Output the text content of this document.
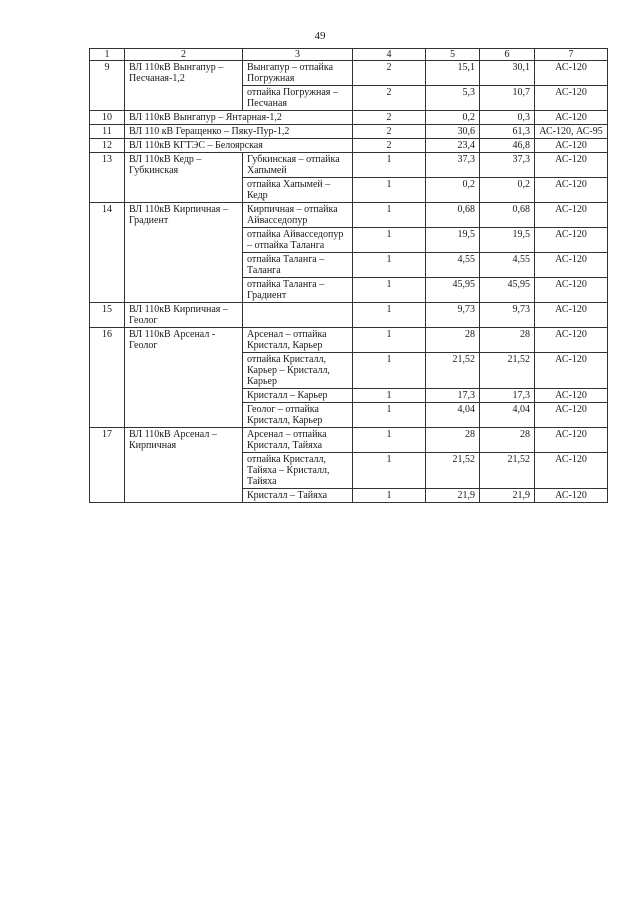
49
1	2	3	4	5	6	7
9	ВЛ 110кВ Вынгапур – Песчаная-1,2	Вынгапур – отпайка Погружная	2	15,1	30,1	АС-120
		отпайка Погружная – Песчаная	2	5,3	10,7	АС-120
10	ВЛ 110кВ Вынгапур – Янтарная-1,2		2	0,2	0,3	АС-120
11	ВЛ 110 кВ Геращенко – Пяку-Пур-1,2		2	30,6	61,3	АС-120, АС-95
12	ВЛ 110кВ КГТЭС – Белоярская		2	23,4	46,8	АС-120
13	ВЛ 110кВ Кедр – Губкинская	Губкинская – отпайка Хапымей	1	37,3	37,3	АС-120
		отпайка Хапымей – Кедр	1	0,2	0,2	АС-120
14	ВЛ 110кВ Кирпичная – Градиент	Кирпичная – отпайка Айвасседопур	1	0,68	0,68	АС-120
		отпайка Айвасседопур – отпайка Таланга	1	19,5	19,5	АС-120
		отпайка Таланга – Таланга	1	4,55	4,55	АС-120
		отпайка Таланга – Градиент	1	45,95	45,95	АС-120
15	ВЛ 110кВ Кирпичная – Геолог		1	9,73	9,73	АС-120
16	ВЛ 110кВ Арсенал - Геолог	Арсенал – отпайка Кристалл, Карьер	1	28	28	АС-120
		отпайка Кристалл, Карьер – Кристалл, Карьер	1	21,52	21,52	АС-120
		Кристалл – Карьер	1	17,3	17,3	АС-120
		Геолог – отпайка Кристалл, Карьер	1	4,04	4,04	АС-120
17	ВЛ 110кВ Арсенал – Кирпичная	Арсенал – отпайка Кристалл, Тайяха	1	28	28	АС-120
		отпайка Кристалл, Тайяха – Кристалл, Тайяха	1	21,52	21,52	АС-120
		Кристалл – Тайяха	1	21,9	21,9	АС-120
